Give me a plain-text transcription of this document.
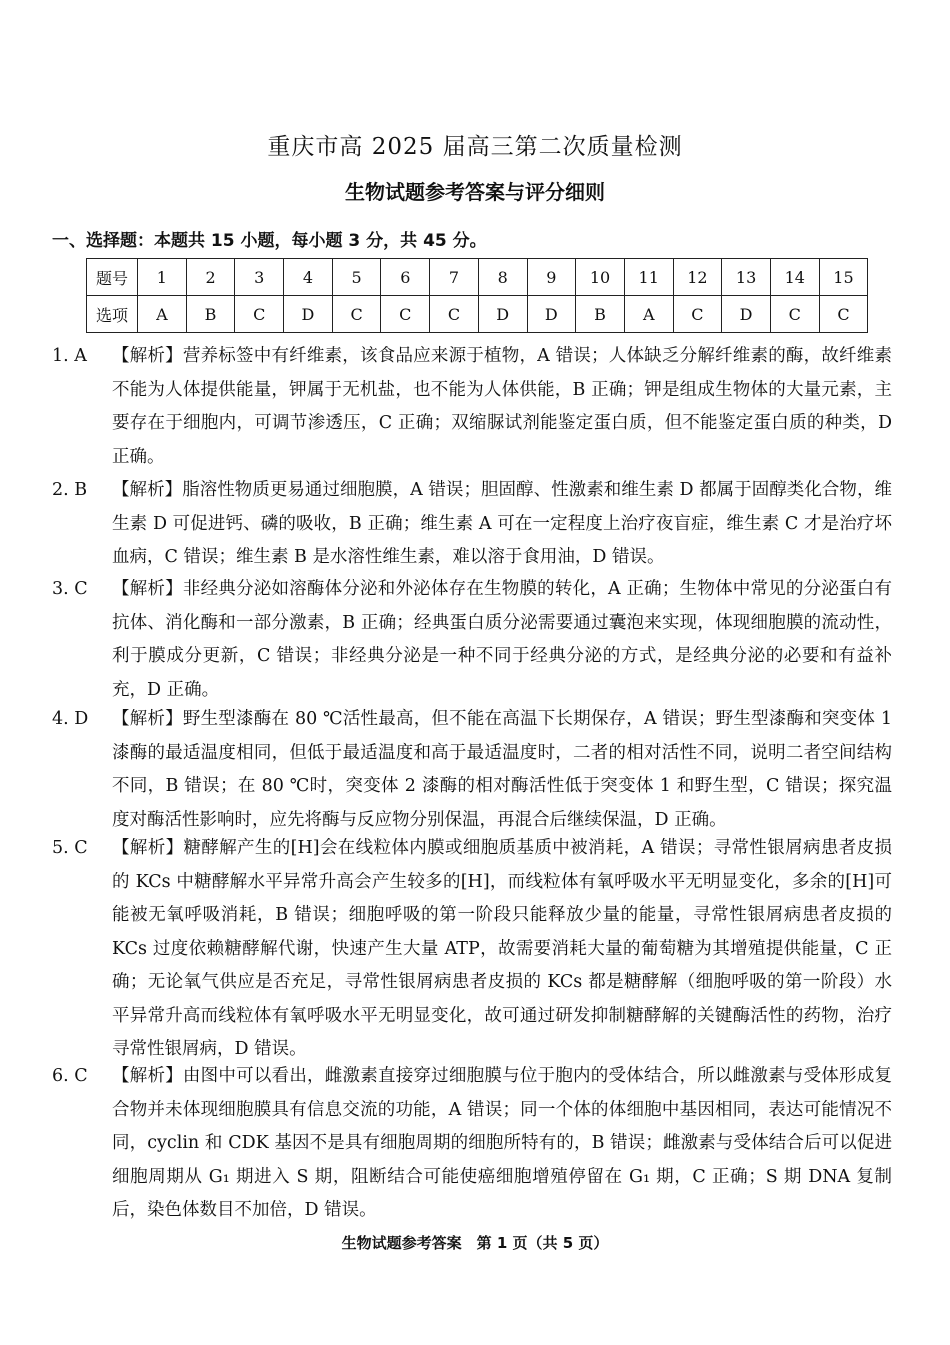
重庆市高 2025 届高三第二次质量检测
生物试题参考答案与评分细则
一、选择题：本题共 15 小题，每小题 3 分，共 45 分。
题号	1	2	3	4	5	6	7	8	9	10	11	12	13	14	15
选项	A	B	C	D	C	C	C	D	D	B	A	C	D	C	C
1. A	【解析】营养标签中有纤维素，该食品应来源于植物，A 错误；人体缺乏分解纤维素的酶，故纤维素不能为人体提供能量，钾属于无机盐，也不能为人体供能，B 正确；钾是组成生物体的大量元素，主要存在于细胞内，可调节渗透压，C 正确；双缩脲试剂能鉴定蛋白质，但不能鉴定蛋白质的种类，D 正确。
2. B	【解析】脂溶性物质更易通过细胞膜，A 错误；胆固醇、性激素和维生素 D 都属于固醇类化合物，维生素 D 可促进钙、磷的吸收，B 正确；维生素 A 可在一定程度上治疗夜盲症，维生素 C 才是治疗坏血病，C 错误；维生素 B 是水溶性维生素，难以溶于食用油，D 错误。
3. C	【解析】非经典分泌如溶酶体分泌和外泌体存在生物膜的转化，A 正确；生物体中常见的分泌蛋白有抗体、消化酶和一部分激素，B 正确；经典蛋白质分泌需要通过囊泡来实现，体现细胞膜的流动性，利于膜成分更新，C 错误；非经典分泌是一种不同于经典分泌的方式，是经典分泌的必要和有益补充，D 正确。
4. D	【解析】野生型漆酶在 80 ℃活性最高，但不能在高温下长期保存，A 错误；野生型漆酶和突变体 1 漆酶的最适温度相同，但低于最适温度和高于最适温度时，二者的相对活性不同，说明二者空间结构不同，B 错误；在 80 ℃时，突变体 2 漆酶的相对酶活性低于突变体 1 和野生型，C 错误；探究温度对酶活性影响时，应先将酶与反应物分别保温，再混合后继续保温，D 正确。
5. C	【解析】糖酵解产生的[H]会在线粒体内膜或细胞质基质中被消耗，A 错误；寻常性银屑病患者皮损的 KCs 中糖酵解水平异常升高会产生较多的[H]，而线粒体有氧呼吸水平无明显变化，多余的[H]可能被无氧呼吸消耗，B 错误；细胞呼吸的第一阶段只能释放少量的能量，寻常性银屑病患者皮损的 KCs 过度依赖糖酵解代谢，快速产生大量 ATP，故需要消耗大量的葡萄糖为其增殖提供能量，C 正确；无论氧气供应是否充足，寻常性银屑病患者皮损的 KCs 都是糖酵解（细胞呼吸的第一阶段）水平异常升高而线粒体有氧呼吸水平无明显变化，故可通过研发抑制糖酵解的关键酶活性的药物，治疗寻常性银屑病，D 错误。
6. C	【解析】由图中可以看出，雌激素直接穿过细胞膜与位于胞内的受体结合，所以雌激素与受体形成复合物并未体现细胞膜具有信息交流的功能，A 错误；同一个体的体细胞中基因相同，表达可能情况不同，cyclin 和 CDK 基因不是具有细胞周期的细胞所特有的，B 错误；雌激素与受体结合后可以促进细胞周期从 G₁ 期进入 S 期，阻断结合可能使癌细胞增殖停留在 G₁ 期，C 正确；S 期 DNA 复制后，染色体数目不加倍，D 错误。
生物试题参考答案　第 1 页（共 5 页）
